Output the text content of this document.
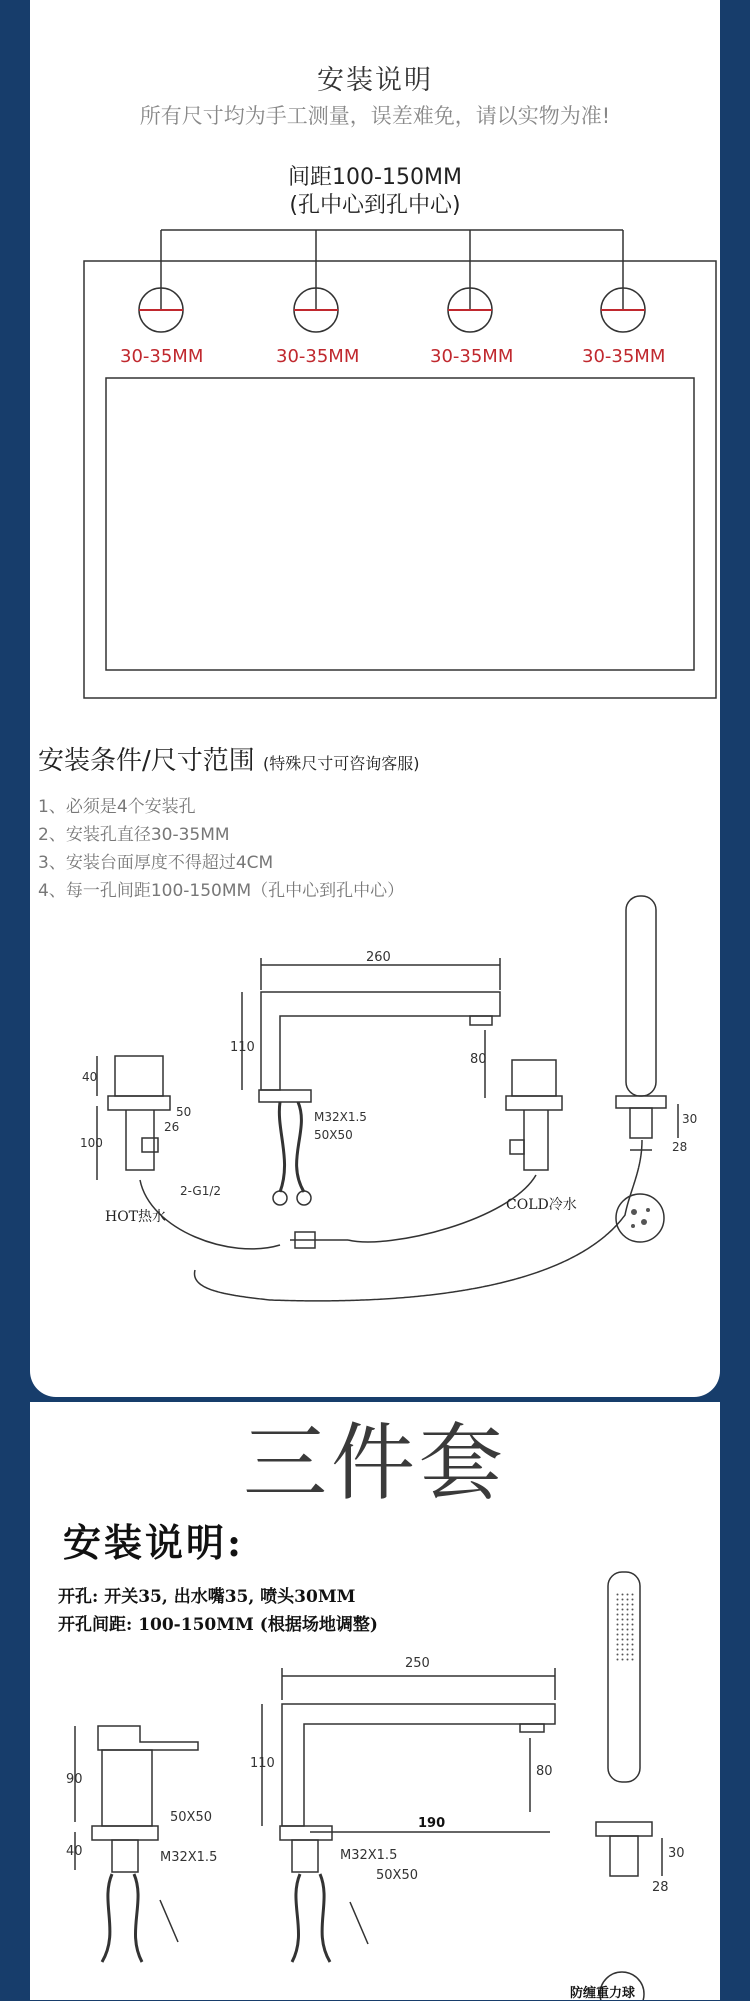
安装说明
所有尺寸均为手工测量，误差难免，请以实物为准!
间距100-150MM
(孔中心到孔中心)
30-35MM	30-35MM	30-35MM	30-35MM
安装条件/尺寸范围 (特殊尺寸可咨询客服)
1、必须是4个安装孔
2、安装孔直径30-35MM
3、安装台面厚度不得超过4CM
4、每一孔间距100-150MM（孔中心到孔中心）
260
110
80
40
100
50
26
M32X1.5
50X50
2-G1/2
30
28
HOT热水
COLD冷水
三件套
安装说明:
开孔: 开关35, 出水嘴35, 喷头30MM
开孔间距: 100-150MM (根据场地调整)
90
40
50X50
M32X1.5
250
110
80
190
M32X1.5
50X50
30
28
防缠重力球
